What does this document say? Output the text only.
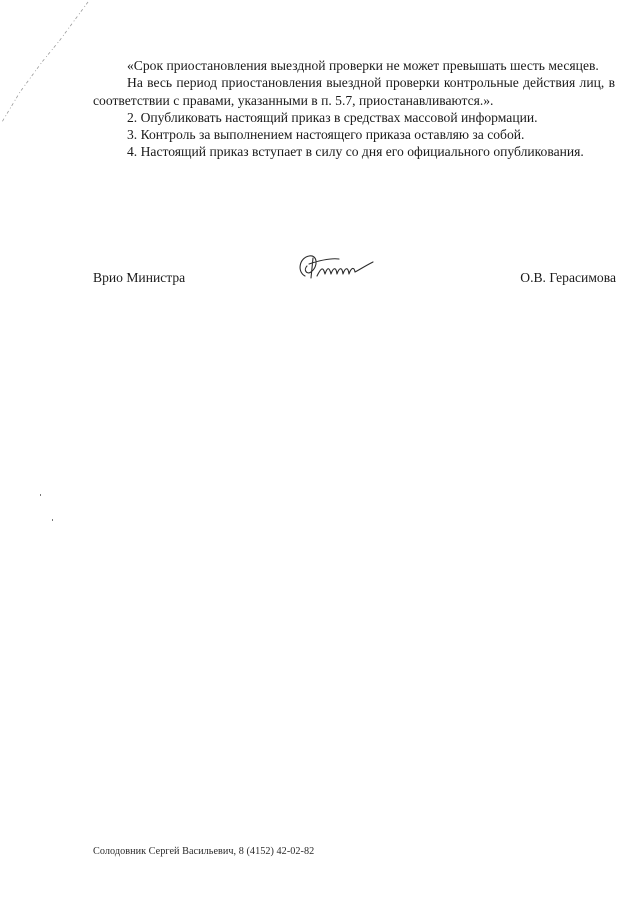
«Срок приостановления выездной проверки не может превышать шесть месяцев.

На весь период приостановления выездной проверки контрольные действия лиц, в соответствии с правами, указанными в п. 5.7, приостанавливаются.».

2. Опубликовать настоящий приказ в средствах массовой информации.

3. Контроль за выполнением настоящего приказа оставляю за собой.

4. Настоящий приказ вступает в силу со дня его официального опубликования.

Врио Министра	О.В. Герасимова
Солодовник Сергей Васильевич, 8 (4152) 42-02-82
